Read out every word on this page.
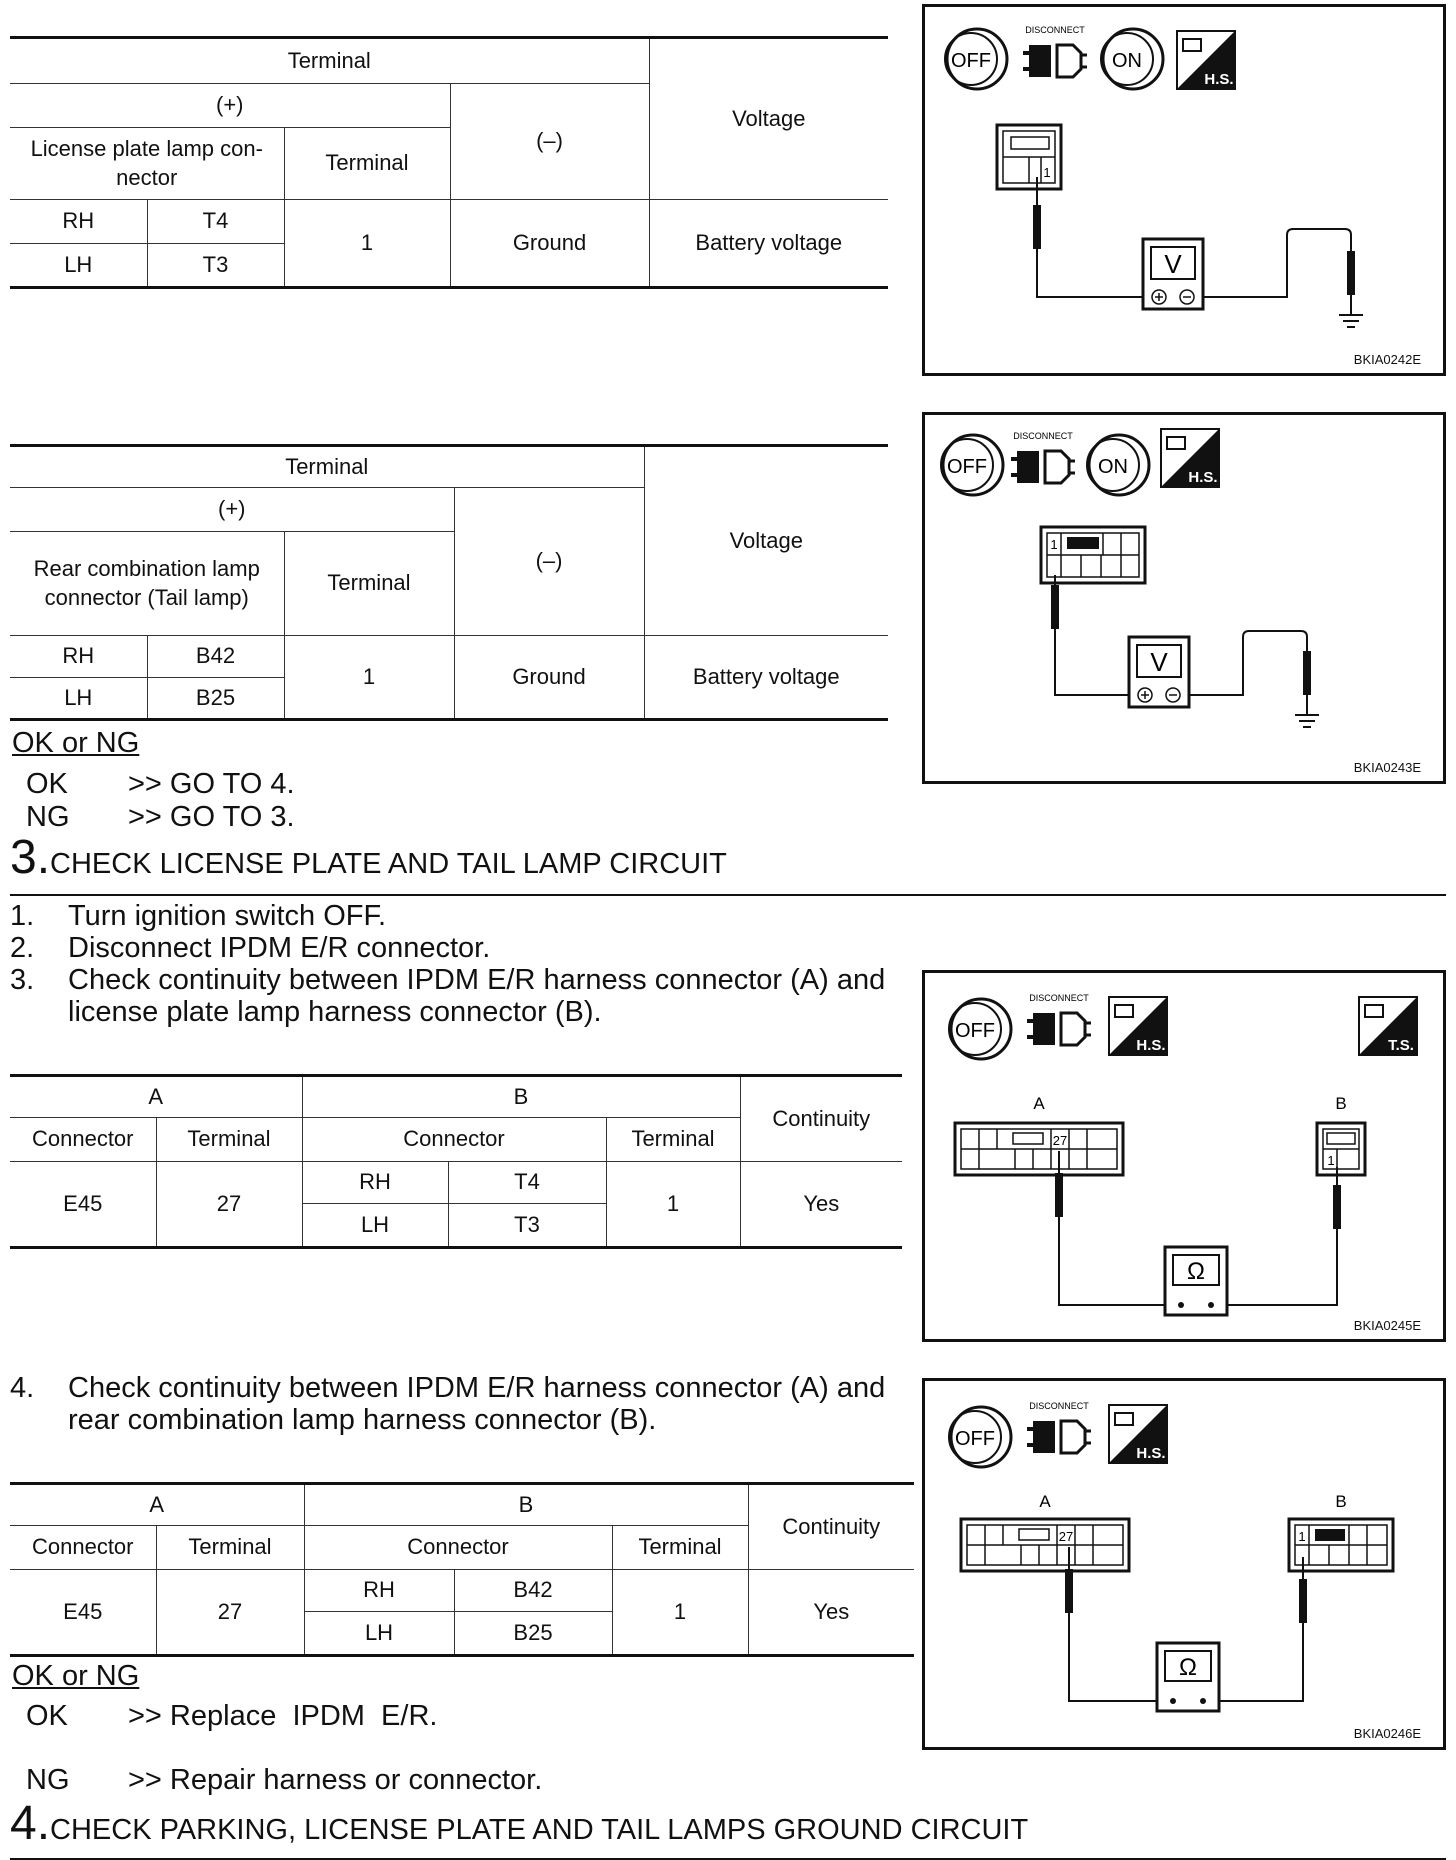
Terminal				Voltage
(+)			(–)	
License plate lamp con-nector		Terminal		
RH	T4	1	Ground	Battery voltage
LH	T3			
Terminal				Voltage
(+)			(–)	
Rear combination lamp connector (Tail lamp)		Terminal		
RH	B42	1	Ground	Battery voltage
LH	B25			
OK or NG
OK >> GO TO 4.
NG >> GO TO 3.
3.CHECK LICENSE PLATE AND TAIL LAMP CIRCUIT
1.	Turn ignition switch OFF.
2.	Disconnect IPDM E/R connector.
3.	Check continuity between IPDM E/R harness connector (A) and license plate lamp harness connector (B).
A		B			Continuity
Connector	Terminal	Connector		Terminal	
E45	27	RH	T4	1	Yes
		LH	T3		
4.	Check continuity between IPDM E/R harness connector (A) and rear combination lamp harness connector (B).
A		B			Continuity
Connector	Terminal	Connector		Terminal	
E45	27	RH	B42	1	Yes
		LH	B25		
OK or NG
OK >> Replace  IPDM  E/R.
NG >> Repair harness or connector.
4.CHECK PARKING, LICENSE PLATE AND TAIL LAMPS GROUND CIRCUIT
OFF
DISCONNECT
ON
H.S.
1
V
BKIA0242E
OFF
DISCONNECT
ON	H.S.
1
V
BKIA0243E
OFF
DISCONNECT
H.S.	T.S.
A	B
27
1
Ω
BKIA0245E
OFF
DISCONNECT
H.S.
A	B
27	1
Ω
BKIA0246E
